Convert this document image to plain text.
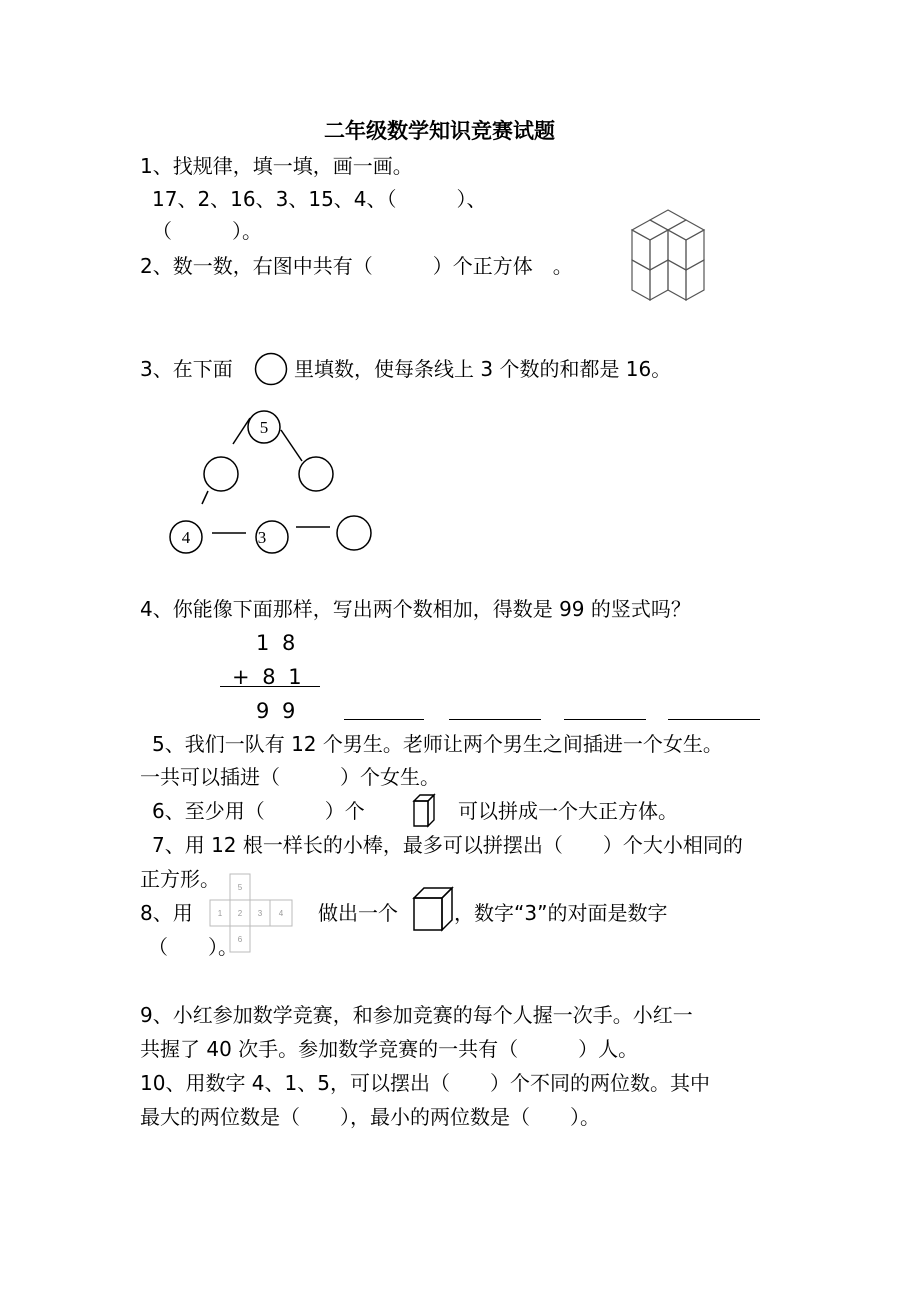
二年级数学知识竞赛试题
1、找规律，填一填，画一画。
17、2、16、3、15、4、（　　　）、
（　　　）。
2、数一数，右图中共有（　　　）个正方体　。
3、在下面	里填数，使每条线上 3 个数的和都是 16。
5
4	3
4、你能像下面那样，写出两个数相加，得数是 99 的竖式吗？
1 8
+ 8 1
9 9
5、我们一队有 12 个男生。老师让两个男生之间插进一个女生。
一共可以插进（　　　）个女生。
6、至少用（　　　）个	可以拼成一个大正方体。
7、用 12 根一样长的小棒，最多可以拼摆出（　　）个大小相同的
正方形。
8、用
5
1 2 3 4
6
做出一个	，数字“3”的对面是数字
（　　）。
9、小红参加数学竞赛，和参加竞赛的每个人握一次手。小红一
共握了 40 次手。参加数学竞赛的一共有（　　　）人。
10、用数字 4、1、5，可以摆出（　　）个不同的两位数。其中
最大的两位数是（　　），最小的两位数是（　　）。
